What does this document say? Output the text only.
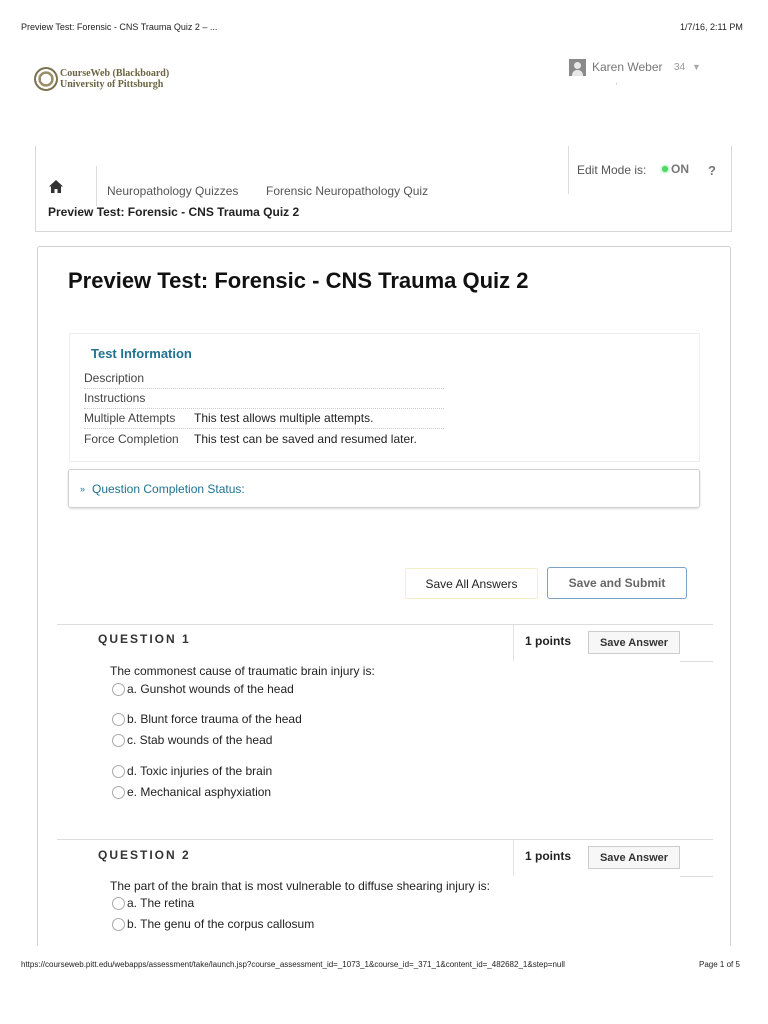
Preview Test: Forensic - CNS Trauma Quiz 2 – ...	1/7/16, 2:11 PM
CourseWeb (Blackboard)
University of Pittsburgh
Karen Weber 34 ▼
ˏ
Neuropathology Quizzes Forensic Neuropathology Quiz
Preview Test: Forensic - CNS Trauma Quiz 2
Edit Mode is: ON ?
Preview Test: Forensic - CNS Trauma Quiz 2
Test Information
Description
Instructions
Multiple Attempts This test allows multiple attempts.
Force Completion This test can be saved and resumed later.
» Question Completion Status:
Save All Answers	Save and Submit
QUESTION 1	1 points	Save Answer
The commonest cause of traumatic brain injury is:
a. Gunshot wounds of the head
b. Blunt force trauma of the head
c. Stab wounds of the head
d. Toxic injuries of the brain
e. Mechanical asphyxiation
QUESTION 2	1 points	Save Answer
The part of the brain that is most vulnerable to diffuse shearing injury is:
a. The retina
b. The genu of the corpus callosum
https://courseweb.pitt.edu/webapps/assessment/take/launch.jsp?course_assessment_id=_1073_1&course_id=_371_1&content_id=_482682_1&step=null	Page 1 of 5
